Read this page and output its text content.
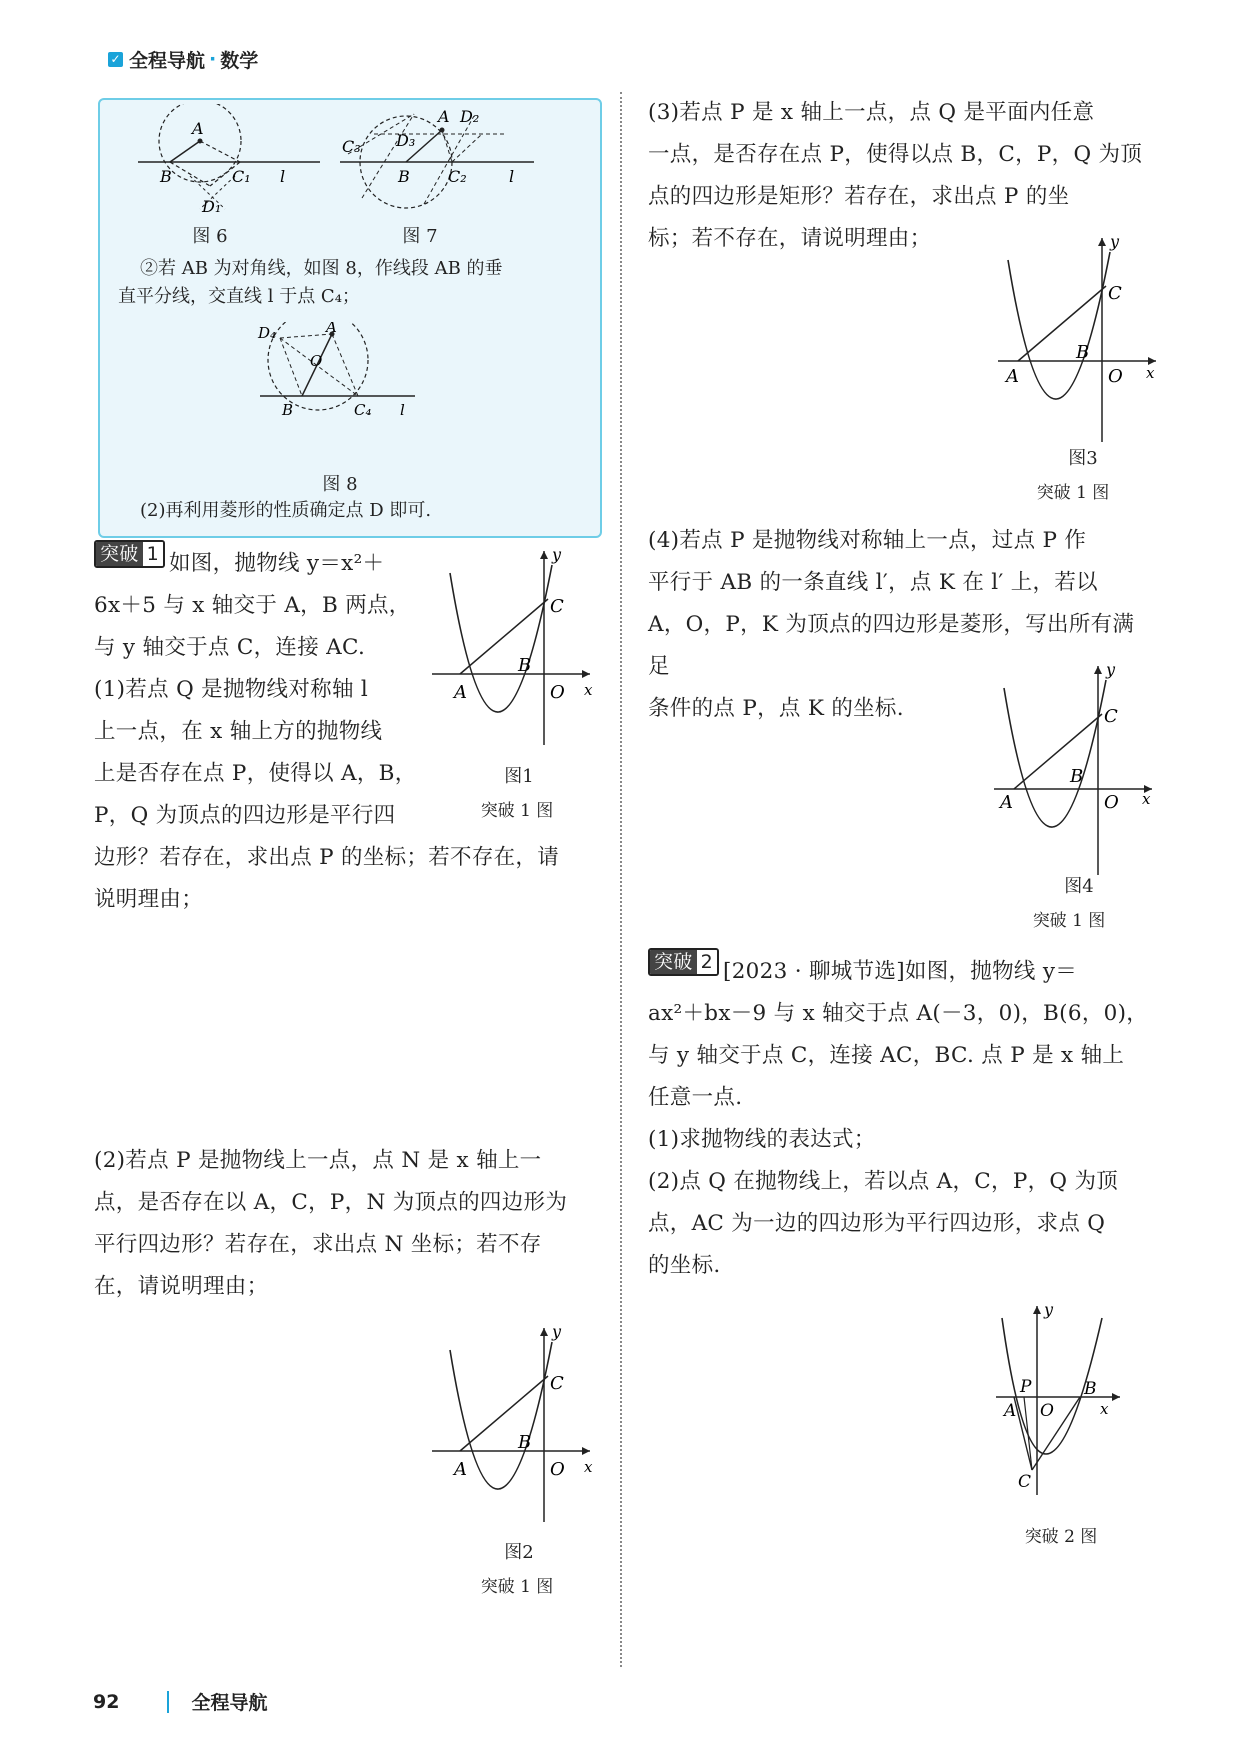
✓ 全程导航 · 数学
A
B	C₁
D₁
l
图 6
A D₂
D₃
C₃
B C₂	l
图 7
②若 AB 为对角线，如图 8，作线段 AB 的垂
直平分线，交直线 l 于点 C₄；
A
D₄
O
B	C₄ l
图 8
(2)再利用菱形的性质确定点 D 即可.

突破 1 如图，抛物线 y＝x²＋

6x＋5 与 x 轴交于 A，B 两点，

与 y 轴交于点 C，连接 AC.

(1)若点 Q 是抛物线对称轴 l

上一点，在 x 轴上方的抛物线

上是否存在点 P，使得以 A，B，

P，Q 为顶点的四边形是平行四

边形？若存在，求出点 P 的坐标；若不存在，请

说明理由；

y
C
B
A	O x
图1
突破 1 图

(2)若点 P 是抛物线上一点，点 N 是 x 轴上一

点，是否存在以 A，C，P，N 为顶点的四边形为

平行四边形？若存在，求出点 N 坐标；若不存

在，请说明理由；

y
C
B
A	O x
图2
突破 1 图

(3)若点 P 是 x 轴上一点，点 Q 是平面内任意

一点，是否存在点 P，使得以点 B，C，P，Q 为顶

点的四边形是矩形？若存在，求出点 P 的坐

标；若不存在，请说明理由；	y
C
B
A	O x
图3
突破 1 图

(4)若点 P 是抛物线对称轴上一点，过点 P 作

平行于 AB 的一条直线 l′，点 K 在 l′ 上，若以

A，O，P，K 为顶点的四边形是菱形，写出所有满足

条件的点 P，点 K 的坐标.

y
C
B
A	O x
图4
突破 1 图

突破 2 [2023 · 聊城节选]如图，抛物线 y＝

ax²＋bx－9 与 x 轴交于点 A(－3，0)，B(6，0)，

与 y 轴交于点 C，连接 AC，BC. 点 P 是 x 轴上

任意一点.

(1)求抛物线的表达式；

(2)点 Q 在抛物线上，若以点 A，C，P，Q 为顶

点，AC 为一边的四边形为平行四边形，求点 Q

的坐标.

y
P
A O
B
x
C
突破 2 图
92	全程导航
